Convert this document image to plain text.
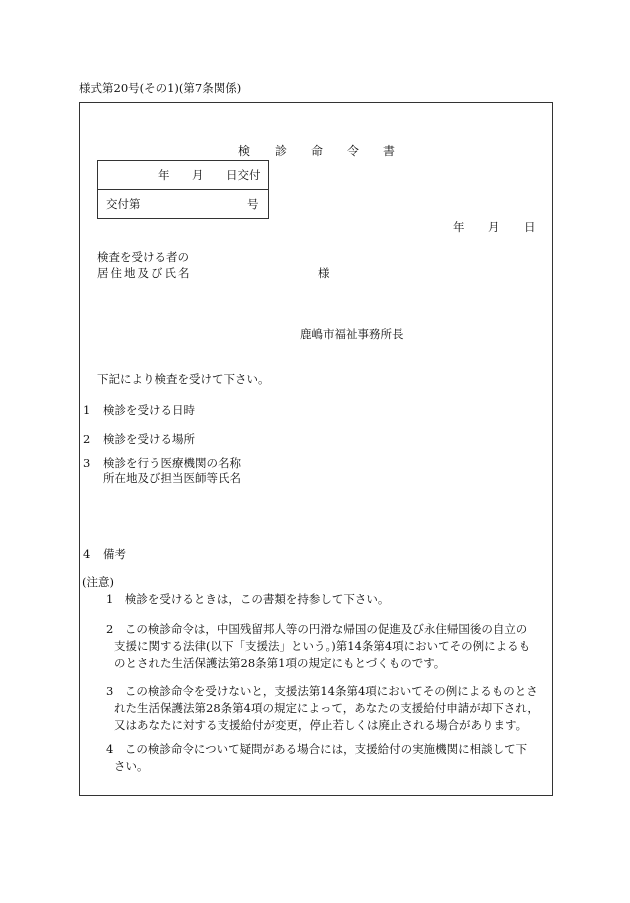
様式第20号(その1)(第7条関係)
検 診 命 令 書
年 月 日交付
交付第	号
年 月 日
検査を受ける者の
居住地及び氏名	様
鹿嶋市福祉事務所長
下記により検査を受けて下さい。
1 検診を受ける日時
2 検診を受ける場所
3 検診を行う医療機関の名称
所在地及び担当医師等氏名
4 備考
(注意)
1　検診を受けるときは，この書類を持参して下さい。
2　この検診命令は，中国残留邦人等の円滑な帰国の促進及び永住帰国後の自立の
支援に関する法律(以下「支援法」という。)第14条第4項においてその例によるも
のとされた生活保護法第28条第1項の規定にもとづくものです。
3　この検診命令を受けないと，支援法第14条第4項においてその例によるものとさ
れた生活保護法第28条第4項の規定によって，あなたの支援給付申請が却下され，
又はあなたに対する支援給付が変更，停止若しくは廃止される場合があります。
4　この検診命令について疑問がある場合には，支援給付の実施機関に相談して下
さい。
